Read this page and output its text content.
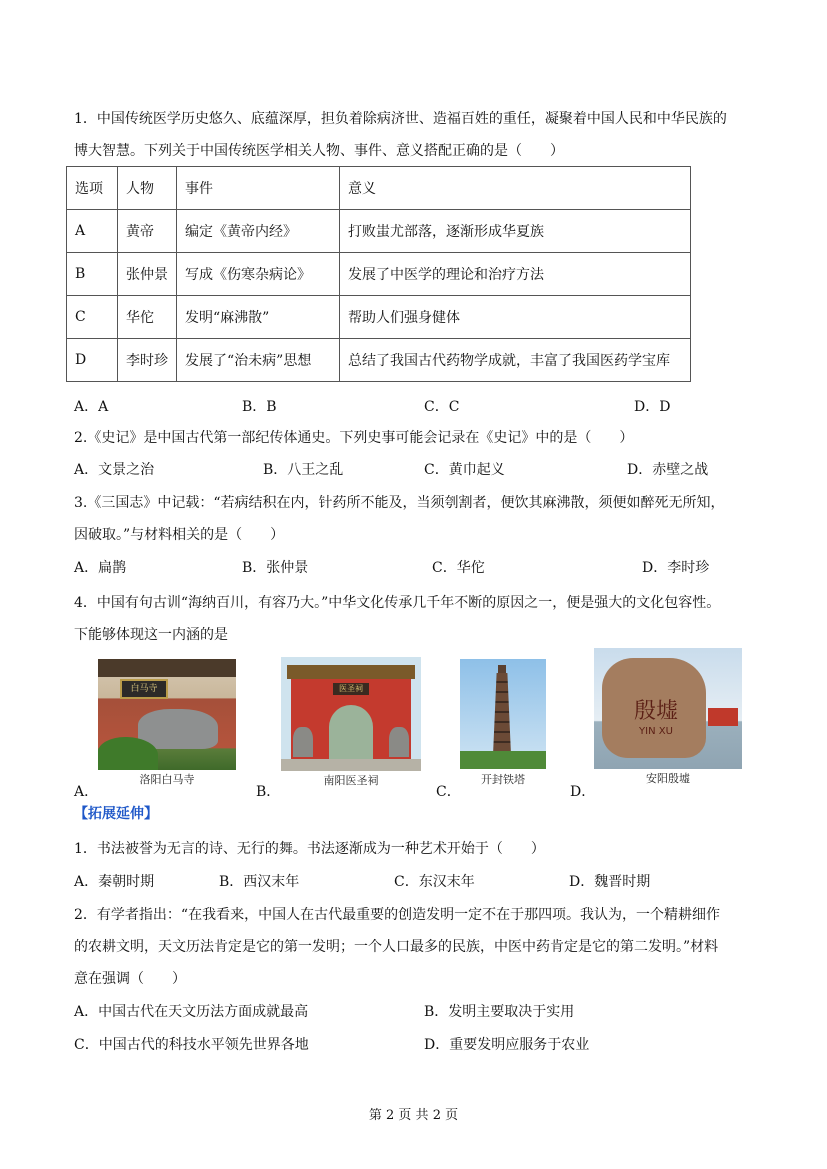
1．中国传统医学历史悠久、底蕴深厚，担负着除病济世、造福百姓的重任，凝聚着中国人民和中华民族的
博大智慧。下列关于中国传统医学相关人物、事件、意义搭配正确的是（　　）
选项	人物	事件	意义
A	黄帝	编定《黄帝内经》	打败蚩尤部落，逐渐形成华夏族
B	张仲景	写成《伤寒杂病论》	发展了中医学的理论和治疗方法
C	华佗	发明“麻沸散”	帮助人们强身健体
D	李时珍	发展了“治未病”思想	总结了我国古代药物学成就，丰富了我国医药学宝库
A．A	B．B	C．C	D．D
2.《史记》是中国古代第一部纪传体通史。下列史事可能会记录在《史记》中的是（　　）
A．文景之治	B．八王之乱	C．黄巾起义	D．赤壁之战
3.《三国志》中记载：“若病结积在内，针药所不能及，当须刳割者，便饮其麻沸散，须便如醉死无所知，
因破取。”与材料相关的是（　　）
A．扁鹊	B．张仲景	C．华佗	D．李时珍
4．中国有句古训“海纳百川，有容乃大。”中华文化传承几千年不断的原因之一，便是强大的文化包容性。
下能够体现这一内涵的是
白马寺
洛阳白马寺
A．
医圣祠
南阳医圣祠
B．
开封铁塔
C．
殷墟
YIN XU
安阳殷墟
D．
【拓展延伸】
1．书法被誉为无言的诗、无行的舞。书法逐渐成为一种艺术开始于（　　）
A．秦朝时期	B．西汉末年	C．东汉末年	D．魏晋时期
2．有学者指出：“在我看来，中国人在古代最重要的创造发明一定不在于那四项。我认为，一个精耕细作
的农耕文明，天文历法肯定是它的第一发明；一个人口最多的民族，中医中药肯定是它的第二发明。”材料
意在强调（　　）
A．中国古代在天文历法方面成就最高	B．发明主要取决于实用
C．中国古代的科技水平领先世界各地	D．重要发明应服务于农业
第 2 页 共 2 页
